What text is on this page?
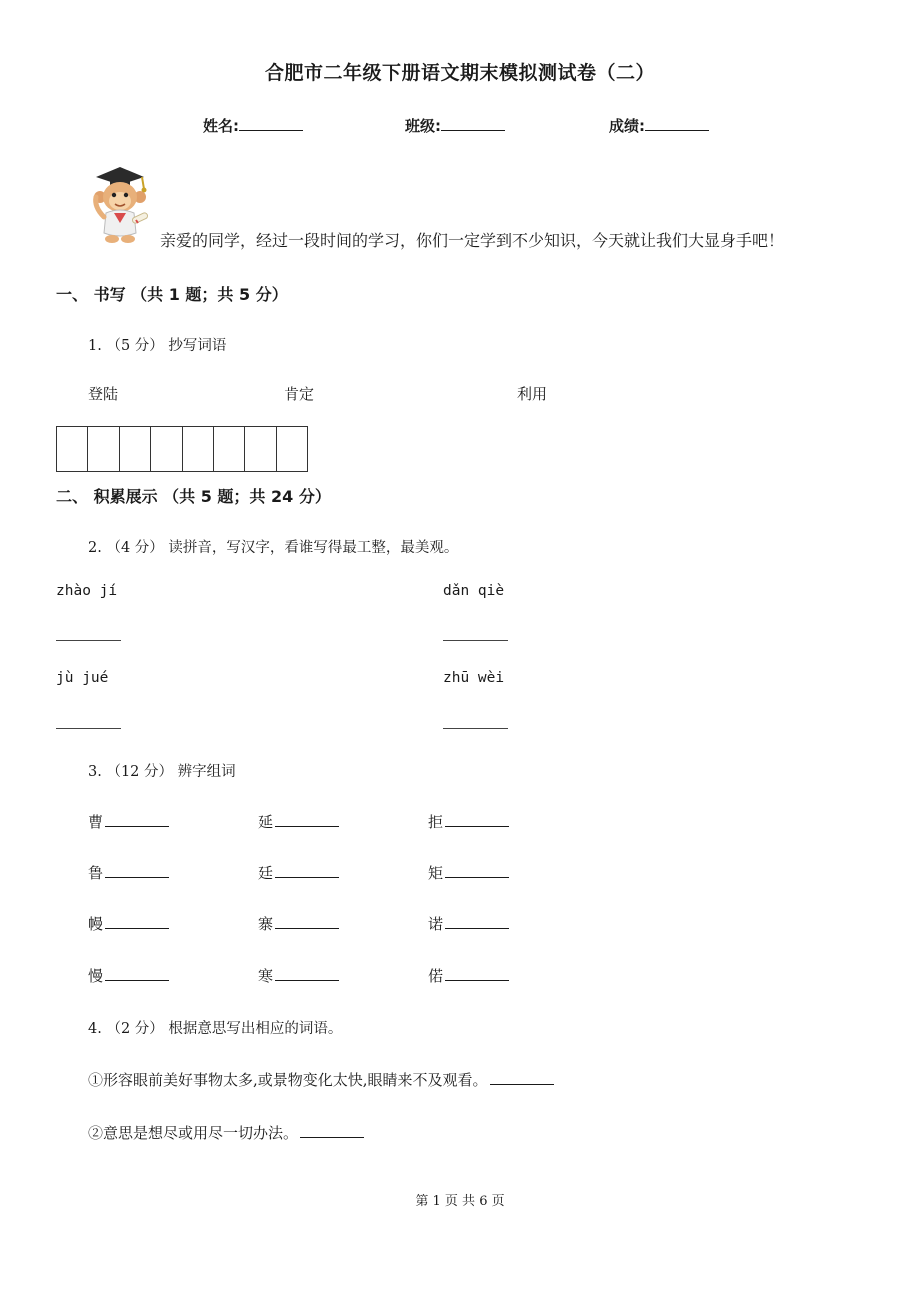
合肥市二年级下册语文期末模拟测试卷（二）
姓名:	班级:	成绩:
亲爱的同学，经过一段时间的学习，你们一定学到不少知识，今天就让我们大显身手吧！
一、 书写 （共 1 题；共 5 分）
1. （5 分） 抄写词语
登陆	肯定	利用
二、 积累展示 （共 5 题；共 24 分）
2. （4 分） 读拼音，写汉字，看谁写得最工整，最美观。
zhào jí	dǎn qiè
jù jué	zhū wèi
3. （12 分） 辨字组词
曹	延	拒
鲁	廷	矩
幔	寨	诺
慢	寒	偌
4. （2 分） 根据意思写出相应的词语。
①形容眼前美好事物太多,或景物变化太快,眼睛来不及观看。
②意思是想尽或用尽一切办法。
第 1 页 共 6 页
